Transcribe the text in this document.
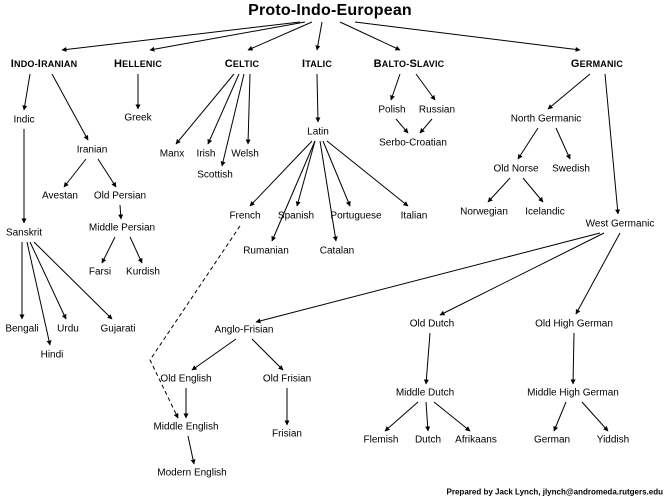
Proto-Indo-European
INDO-IRANIAN	HELLENIC	CELTIC	ITALIC	BALTO-SLAVIC	GERMANIC
Indic
Iranian
Avestan Old Persian
Sanskrit	Middle Persian
Farsi Kurdish
Bengali Urdu Gujarati
Hindi
Greek
Manx Irish Welsh
Scottish
Latin
French Spanish Portuguese Italian
Rumanian	Catalan
Polish Russian
Serbo-Croatian
North Germanic
Old Norse Swedish
Norwegian Icelandic
West Germanic
Anglo-Frisian
Old Dutch	Old High German
Old English	Old Frisian
Middle Dutch	Middle High German
Middle English
Frisian
Flemish Dutch Afrikaans	German	Yiddish
Modern English
Prepared by Jack Lynch, jlynch@andromeda.rutgers.edu
